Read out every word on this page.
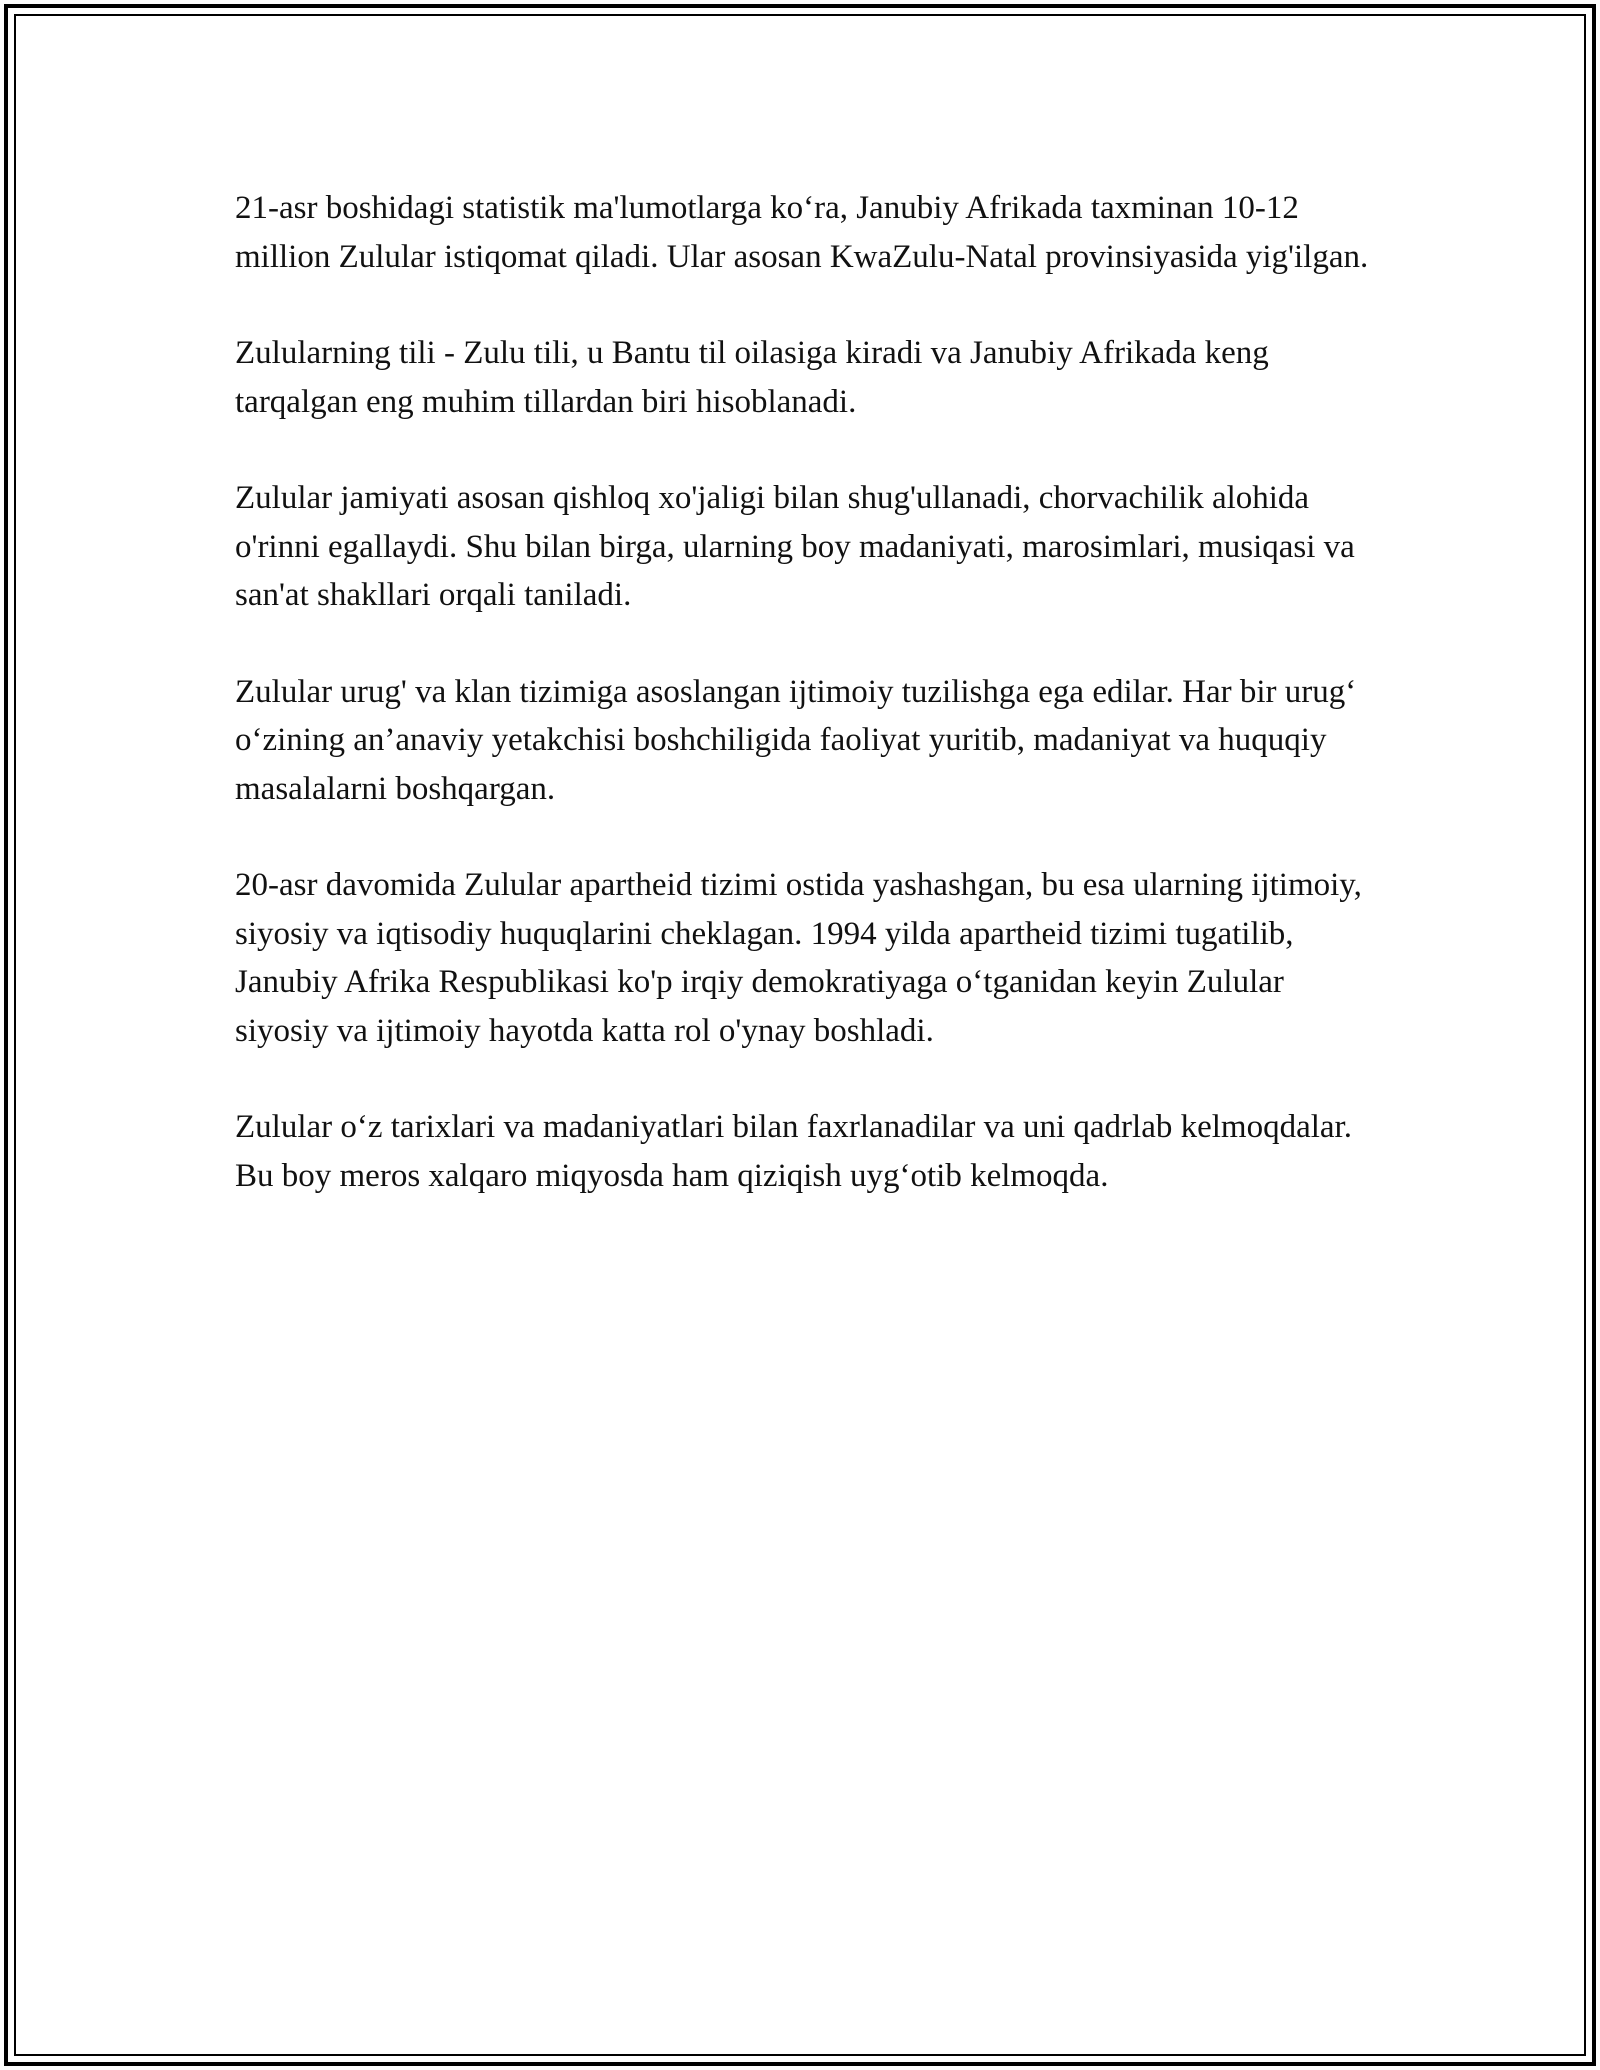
21-asr boshidagi statistik ma'lumotlarga ko‘ra, Janubiy Afrikada taxminan 10-12 million Zulular istiqomat qiladi. Ular asosan KwaZulu-Natal provinsiyasida yig'ilgan.

Zulularning tili - Zulu tili, u Bantu til oilasiga kiradi va Janubiy Afrikada keng tarqalgan eng muhim tillardan biri hisoblanadi.

Zulular jamiyati asosan qishloq xo'jaligi bilan shug'ullanadi, chorvachilik alohida o'rinni egallaydi. Shu bilan birga, ularning boy madaniyati, marosimlari, musiqasi va san'at shakllari orqali taniladi.

Zulular urug' va klan tizimiga asoslangan ijtimoiy tuzilishga ega edilar. Har bir urug‘ o‘zining an’anaviy yetakchisi boshchiligida faoliyat yuritib, madaniyat va huquqiy masalalarni boshqargan.

20-asr davomida Zulular apartheid tizimi ostida yashashgan, bu esa ularning ijtimoiy, siyosiy va iqtisodiy huquqlarini cheklagan. 1994 yilda apartheid tizimi tugatilib, Janubiy Afrika Respublikasi ko'p irqiy demokratiyaga o‘tganidan keyin Zulular siyosiy va ijtimoiy hayotda katta rol o'ynay boshladi.

Zulular o‘z tarixlari va madaniyatlari bilan faxrlanadilar va uni qadrlab kelmoqdalar. Bu boy meros xalqaro miqyosda ham qiziqish uyg‘otib kelmoqda.
